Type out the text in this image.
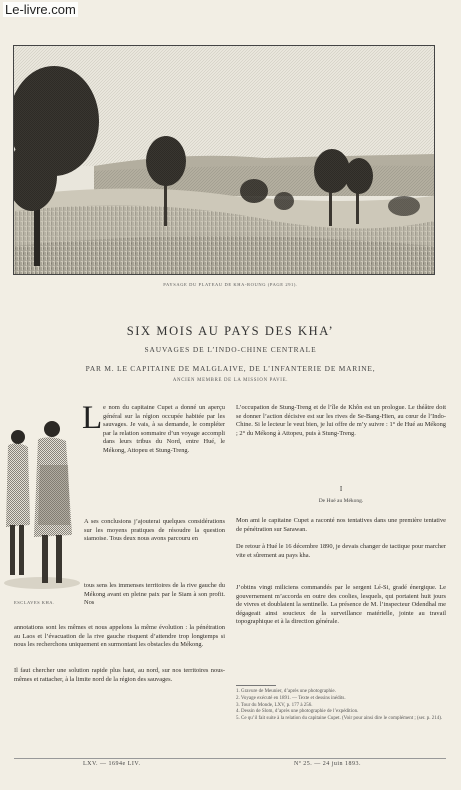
Le-livre.com
PAYSAGE DU PLATEAU DE KHA-ROUNG (PAGE 291).
SIX MOIS AU PAYS DES KHA’
SAUVAGES DE L’INDO-CHINE CENTRALE
PAR M. LE CAPITAINE DE MALGLAIVE, DE L’INFANTERIE DE MARINE,
ANCIEN MEMBRE DE LA MISSION PAVIE.
ESCLAVES KHA.
L e nom du capitaine Cupet a donné un aperçu général sur la région occupée habitée par les sauvages. Je vais, à sa demande, le compléter par la relation sommaire d’un voyage accompli dans leurs tribus du Nord, entre Hué, le Mékong, Attopeu et Stung-Treng.

A ses conclusions j’ajouterai quelques considérations sur les moyens pratiques de résoudre la question siamoise. Tous deux nous avons parcouru en

tous sens les immenses territoires de la rive gauche du Mékong avant en pleine paix par le Siam à son profit. Nos

annotations sont les mêmes et nous appelons la même évolution : la pénétration au Laos et l’évacuation de la rive gauche risquent d’attendre trop longtemps si nous les recherchons uniquement en surmontant les obstacles du Mékong.

Il faut chercher une solution rapide plus haut, au nord, sur nos territoires nous-mêmes et rattacher, à la limite nord de la région des sauvages.

L’occupation de Stung-Treng et de l’île de Khôn est un prologue. Le théâtre doit se donner l’action décisive est sur les rives de Se-Bang-Hien, au cœur de l’Indo-Chine. Si le lecteur le veut bien, je lui offre de m’y suivre : 1° de Hué au Mékong ; 2° du Mékong à Attopeu, puis à Stung-Treng.

I
De Hué au Mékong.

Mon ami le capitaine Cupet a raconté nos tentatives dans une première tentative de pénétration sur Sarawan.

De retour à Hué le 16 décembre 1890, je devais changer de tactique pour marcher vite et sûrement au pays kha.

J’obtins vingt miliciens commandés par le sergent Lé-Si, gradé énergique. Le gouvernement m’accorda en outre des coolies, lesquels, qui portaient huit jours de vivres et doublaient la sentinelle. La présence de M. l’inspecteur Odendhal me dégageait ainsi soucieux de la surveillance matérielle, jointe au travail topographique et à la direction générale.

1. Gravure de Meunier, d’après une photographie.
2. Voyage exécuté en 1891. — Texte et dessins inédits.
3. Tour du Monde, LXV, p. 177 à 256.
4. Dessin de Slom, d’après une photographie de l’expédition.
5. Ce qu’il fait suite à la relation du capitaine Cupet. (Voir pour ainsi dire le complément ; (ser. p. 214).
LXV. — 1694e LIV.	Nº 25. — 24 juin 1893.
